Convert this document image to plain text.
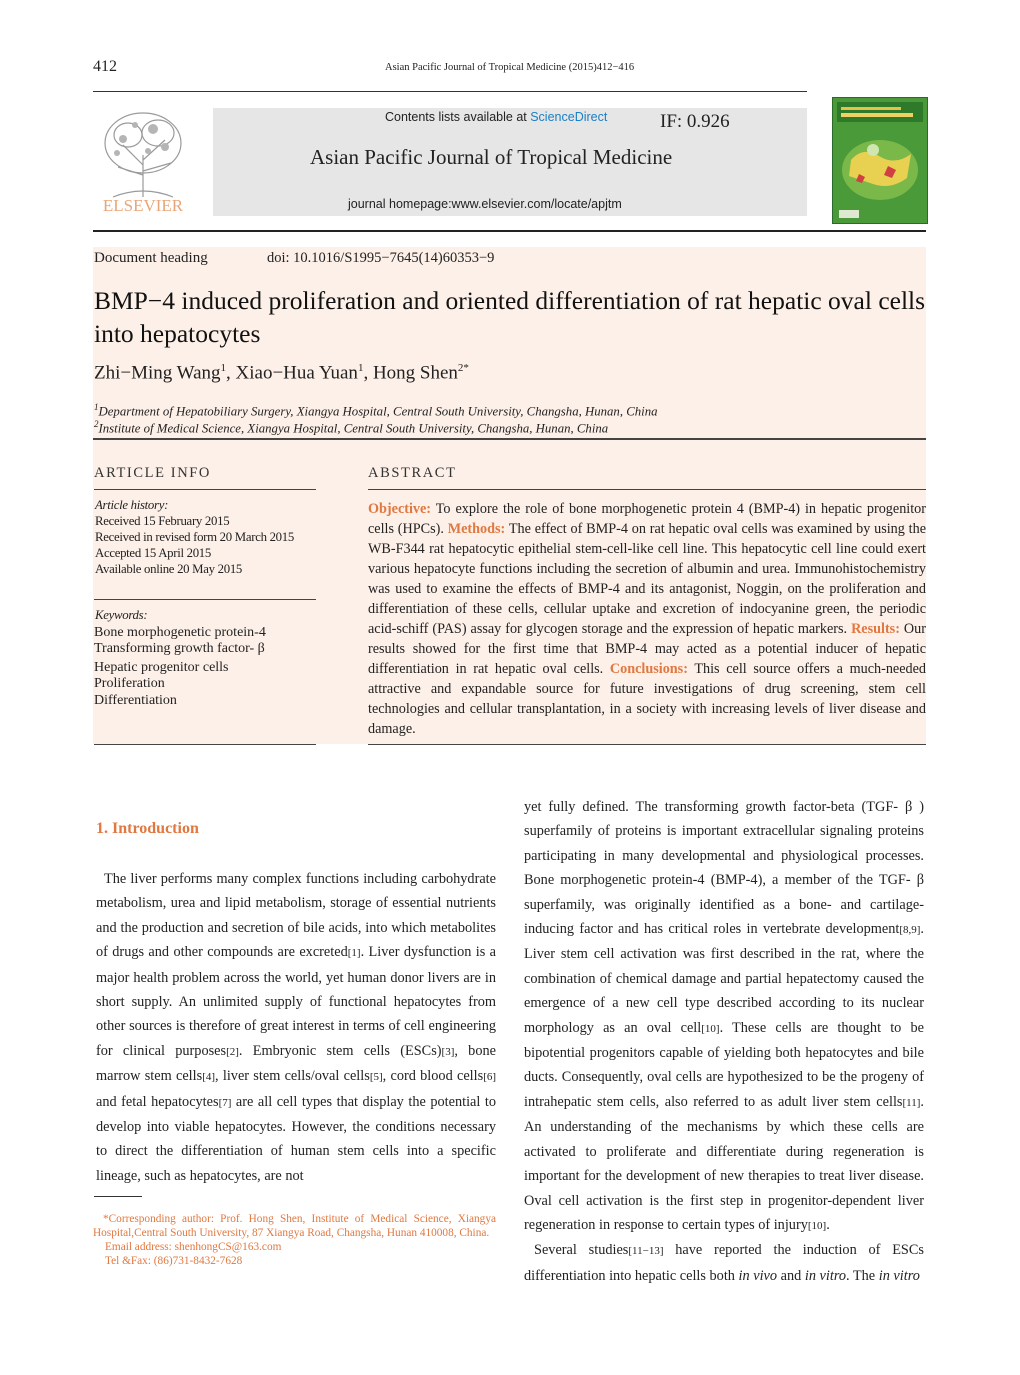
412	Asian Pacific Journal of Tropical Medicine (2015)412−416
ELSEVIER
Contents lists available at ScienceDirect	IF: 0.926
Asian Pacific Journal of Tropical Medicine
journal homepage:www.elsevier.com/locate/apjtm
Document heading	doi: 10.1016/S1995−7645(14)60353−9
BMP−4 induced proliferation and oriented differentiation of rat hepatic oval cells into hepatocytes
Zhi−Ming Wang$^1$, Xiao−Hua Yuan$^1$, Hong Shen$^{2*}$
$^1$Department of Hepatobiliary Surgery, Xiangya Hospital, Central South University, Changsha, Hunan, China
$^2$Institute of Medical Science, Xiangya Hospital, Central South University, Changsha, Hunan, China
ARTICLE INFO
Article history:
Received 15 February 2015
Received in revised form 20 March 2015
Accepted 15 April 2015
Available online 20 May 2015
Keywords:
Bone morphogenetic protein-4
Transforming growth factor- β
Hepatic progenitor cells
Proliferation
Differentiation
ABSTRACT
Objective: To explore the role of bone morphogenetic protein 4 (BMP-4) in hepatic progenitor cells (HPCs). Methods: The effect of BMP-4 on rat hepatic oval cells was examined by using the WB-F344 rat hepatocytic epithelial stem-cell-like cell line. This hepatocytic cell line could exert various hepatocyte functions including the secretion of albumin and urea. Immunohistochemistry was used to examine the effects of BMP-4 and its antagonist, Noggin, on the proliferation and differentiation of these cells, cellular uptake and excretion of indocyanine green, the periodic acid-schiff (PAS) assay for glycogen storage and the expression of hepatic markers. Results: Our results showed for the first time that BMP-4 may acted as a potential inducer of hepatic differentiation in rat hepatic oval cells. Conclusions: This cell source offers a much-needed attractive and expandable source for future investigations of drug screening, stem cell technologies and cellular transplantation, in a society with increasing levels of liver disease and damage.
1. Introduction

The liver performs many complex functions including carbohydrate metabolism, urea and lipid metabolism, storage of essential nutrients and the production and secretion of bile acids, into which metabolites of drugs and other compounds are excreted[1]. Liver dysfunction is a major health problem across the world, yet human donor livers are in short supply. An unlimited supply of functional hepatocytes from other sources is therefore of great interest in terms of cell engineering for clinical purposes[2]. Embryonic stem cells (ESCs)[3], bone marrow stem cells[4], liver stem cells/oval cells[5], cord blood cells[6] and fetal hepatocytes[7] are all cell types that display the potential to develop into viable hepatocytes. However, the conditions necessary to direct the differentiation of human stem cells into a specific lineage, such as hepatocytes, are not

*Corresponding author: Prof. Hong Shen, Institute of Medical Science, Xiangya Hospital,Central South University, 87 Xiangya Road, Changsha, Hunan 410008, China.

Email address: shenhongCS@163.com

Tel &Fax: (86)731-8432-7628

yet fully defined. The transforming growth factor-beta (TGF- β ) superfamily of proteins is important extracellular signaling proteins participating in many developmental and physiological processes. Bone morphogenetic protein-4 (BMP-4), a member of the TGF- β superfamily, was originally identified as a bone- and cartilage-inducing factor and has critical roles in vertebrate development[8,9]. Liver stem cell activation was first described in the rat, where the combination of chemical damage and partial hepatectomy caused the emergence of a new cell type described according to its nuclear morphology as an oval cell[10]. These cells are thought to be bipotential progenitors capable of yielding both hepatocytes and bile ducts. Consequently, oval cells are hypothesized to be the progeny of intrahepatic stem cells, also referred to as adult liver stem cells[11]. An understanding of the mechanisms by which these cells are activated to proliferate and differentiate during regeneration is important for the development of new therapies to treat liver disease. Oval cell activation is the first step in progenitor-dependent liver regeneration in response to certain types of injury[10].

Several studies[11−13] have reported the induction of ESCs differentiation into hepatic cells both in vivo and in vitro. The in vitro
